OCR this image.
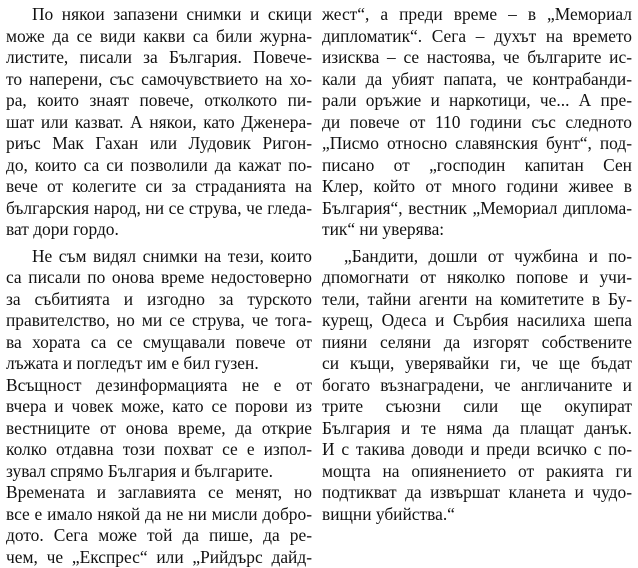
По някои запазени снимки и скици

може да се види какви са били журна-

листите, писали за България. Повече-

то наперени, със самочувствието на хо-

ра, които знаят повече, отколкото пи-

шат или казват. А някои, като Дженера-

риъс Мак Гахан или Лудовик Ригон-

до, които са си позволили да кажат по-

вече от колегите си за страданията на

българския народ, ни се струва, че гледа-

ват дори гордо.

Не съм видял снимки на тези, които

са писали по онова време недостоверно

за събитията и изгодно за турското

правителство, но ми се струва, че тога-

ва хората са се смущавали повече от

лъжата и погледът им е бил гузен.

Всъщност дезинформацията не е от

вчера и човек може, като се порови из

вестниците от онова време, да открие

колко отдавна този похват се е изпол-

зувал спрямо България и българите.

Времената и заглавията се менят, но

все е имало някой да не ни мисли добро-

дото. Сега може той да пише, да ре-

чем, че „Експрес“ или „Рийдърс дайд-

жест“, а преди време – в „Мемориал

дипломатик“. Сега – духът на времето

изисква – се настоява, че българите ис-

кали да убият папата, че контрабанди-

рали оръжие и наркотици, че... А пре-

ди повече от 110 години със следното

„Писмо относно славянския бунт“, под-

писано от „господин капитан Сен

Клер, който от много години живее в

България“, вестник „Мемориал диплома-

тик“ ни уверява:

„Бандити, дошли от чужбина и по-

дпомогнати от няколко попове и учи-

тели, тайни агенти на комитетите в Бу-

курещ, Одеса и Сърбия насилиха шепа

пияни селяни да изгорят собствените

си къщи, уверявайки ги, че ще бъдат

богато възнаградени, че англичаните и

трите съюзни сили ще окупират

България и те няма да плащат данък.

И с такива доводи и преди всичко с по-

мощта на опиянението от ракията ги

подтикват да извършат кланета и чудо-

вищни убийства.“
